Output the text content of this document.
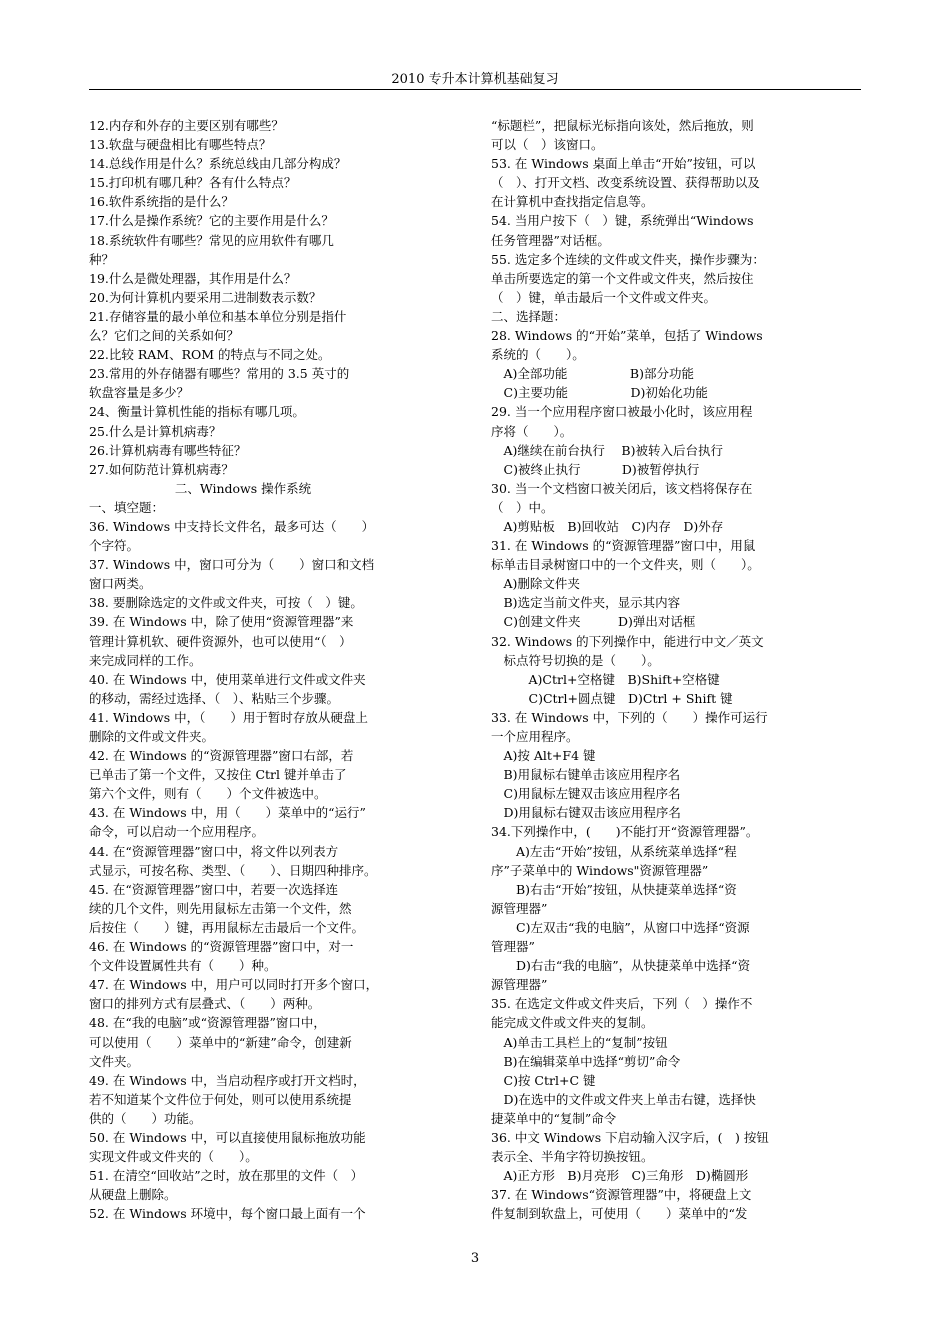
2010 专升本计算机基础复习
12.内存和外存的主要区别有哪些？
13.软盘与硬盘相比有哪些特点？
14.总线作用是什么？系统总线由几部分构成？
15.打印机有哪几种？各有什么特点？
16.软件系统指的是什么？
17.什么是操作系统？它的主要作用是什么？
18.系统软件有哪些？常见的应用软件有哪几
种？
19.什么是微处理器，其作用是什么？
20.为何计算机内要采用二进制数表示数？
21.存储容量的最小单位和基本单位分别是指什
么？它们之间的关系如何？
22.比较 RAM、ROM 的特点与不同之处。
23.常用的外存储器有哪些？常用的 3.5 英寸的
软盘容量是多少？
24、衡量计算机性能的指标有哪几项。
25.什么是计算机病毒？
26.计算机病毒有哪些特征？
27.如何防范计算机病毒？
二、Windows 操作系统
一、填空题：
36. Windows 中支持长文件名，最多可达（　　）
个字符。
37. Windows 中，窗口可分为（　　）窗口和文档
窗口两类。
38. 要删除选定的文件或文件夹，可按（　）键。
39. 在 Windows 中，除了使用“资源管理器”来
管理计算机软、硬件资源外，也可以使用“（　）
来完成同样的工作。
40. 在 Windows 中，使用菜单进行文件或文件夹
的移动，需经过选择、（　）、粘贴三个步骤。
41. Windows 中，（　　）用于暂时存放从硬盘上
删除的文件或文件夹。
42. 在 Windows 的“资源管理器”窗口右部，若
已单击了第一个文件，又按住 Ctrl 键并单击了
第六个文件，则有（　　）个文件被选中。
43. 在 Windows 中，用（　　）菜单中的“运行”
命令，可以启动一个应用程序。
44. 在“资源管理器”窗口中，将文件以列表方
式显示，可按名称、类型、（　　）、日期四种排序。
45. 在“资源管理器”窗口中，若要一次选择连
续的几个文件，则先用鼠标左击第一个文件，然
后按住（　　）键，再用鼠标左击最后一个文件。
46. 在 Windows 的“资源管理器”窗口中，对一
个文件设置属性共有（　　）种。
47. 在 Windows 中，用户可以同时打开多个窗口，
窗口的排列方式有层叠式、（　　）两种。
48. 在“我的电脑”或“资源管理器”窗口中，
可以使用（　　）菜单中的“新建”命令，创建新
文件夹。
49. 在 Windows 中，当启动程序或打开文档时，
若不知道某个文件位于何处，则可以使用系统提
供的（　　）功能。
50. 在 Windows 中，可以直接使用鼠标拖放功能
实现文件或文件夹的（　　）。
51. 在清空“回收站”之时，放在那里的文件（　）
从硬盘上删除。
52. 在 Windows 环境中，每个窗口最上面有一个
“标题栏”，把鼠标光标指向该处，然后拖放，则
可以（　）该窗口。
53. 在 Windows 桌面上单击“开始”按钮，可以
（　）、打开文档、改变系统设置、获得帮助以及
在计算机中查找指定信息等。
54. 当用户按下（　）键，系统弹出“Windows
任务管理器”对话框。
55. 选定多个连续的文件或文件夹，操作步骤为：
单击所要选定的第一个文件或文件夹，然后按住
（　）键，单击最后一个文件或文件夹。
二、选择题：
28. Windows 的“开始”菜单，包括了 Windows
系统的（　　）。
　A)全部功能　　　　　B)部分功能
　C)主要功能　　　　　D)初始化功能
29. 当一个应用程序窗口被最小化时，该应用程
序将（　　）。
　A)继续在前台执行　 B)被转入后台执行
　C)被终止执行　　　 D)被暂停执行
30. 当一个文档窗口被关闭后，该文档将保存在
（　）中。
　A)剪贴板　B)回收站　C)内存　D)外存
31. 在 Windows 的“资源管理器”窗口中，用鼠
标单击目录树窗口中的一个文件夹，则（　　）。
　A)删除文件夹
　B)选定当前文件夹，显示其内容
　C)创建文件夹　　　D)弹出对话框
32. Windows 的下列操作中，能进行中文／英文
　标点符号切换的是（　　）。
　　　A)Ctrl+空格键　B)Shift+空格键
　　　C)Ctrl+圆点键　D)Ctrl + Shift 键
33. 在 Windows 中，下列的（　　）操作可运行
一个应用程序。
　A)按 Alt+F4 键
　B)用鼠标右键单击该应用程序名
　C)用鼠标左键双击该应用程序名
　D)用鼠标右键双击该应用程序名
34.下列操作中，(　　)不能打开“资源管理器”。
　　A)左击“开始”按钮，从系统菜单选择“程
序”子菜单中的 Windows"资源管理器”
　　B)右击“开始”按钮，从快捷菜单选择“资
源管理器”
　　C)左双击“我的电脑”，从窗口中选择“资源
管理器”
　　D)右击“我的电脑”，从快捷菜单中选择“资
源管理器”
35. 在选定文件或文件夹后，下列（　）操作不
能完成文件或文件夹的复制。
　A)单击工具栏上的“复制”按钮
　B)在编辑菜单中选择“剪切”命令
　C)按 Ctrl+C 键
　D)在选中的文件或文件夹上单击右键，选择快
捷菜单中的“复制”命令
36. 中文 Windows 下启动输入汉字后，(　) 按钮
表示全、半角字符切换按钮。
　A)正方形　B)月亮形　C)三角形　D)椭圆形
37. 在 Windows“资源管理器”中，将硬盘上文
件复制到软盘上，可使用（　　）菜单中的“发
3
